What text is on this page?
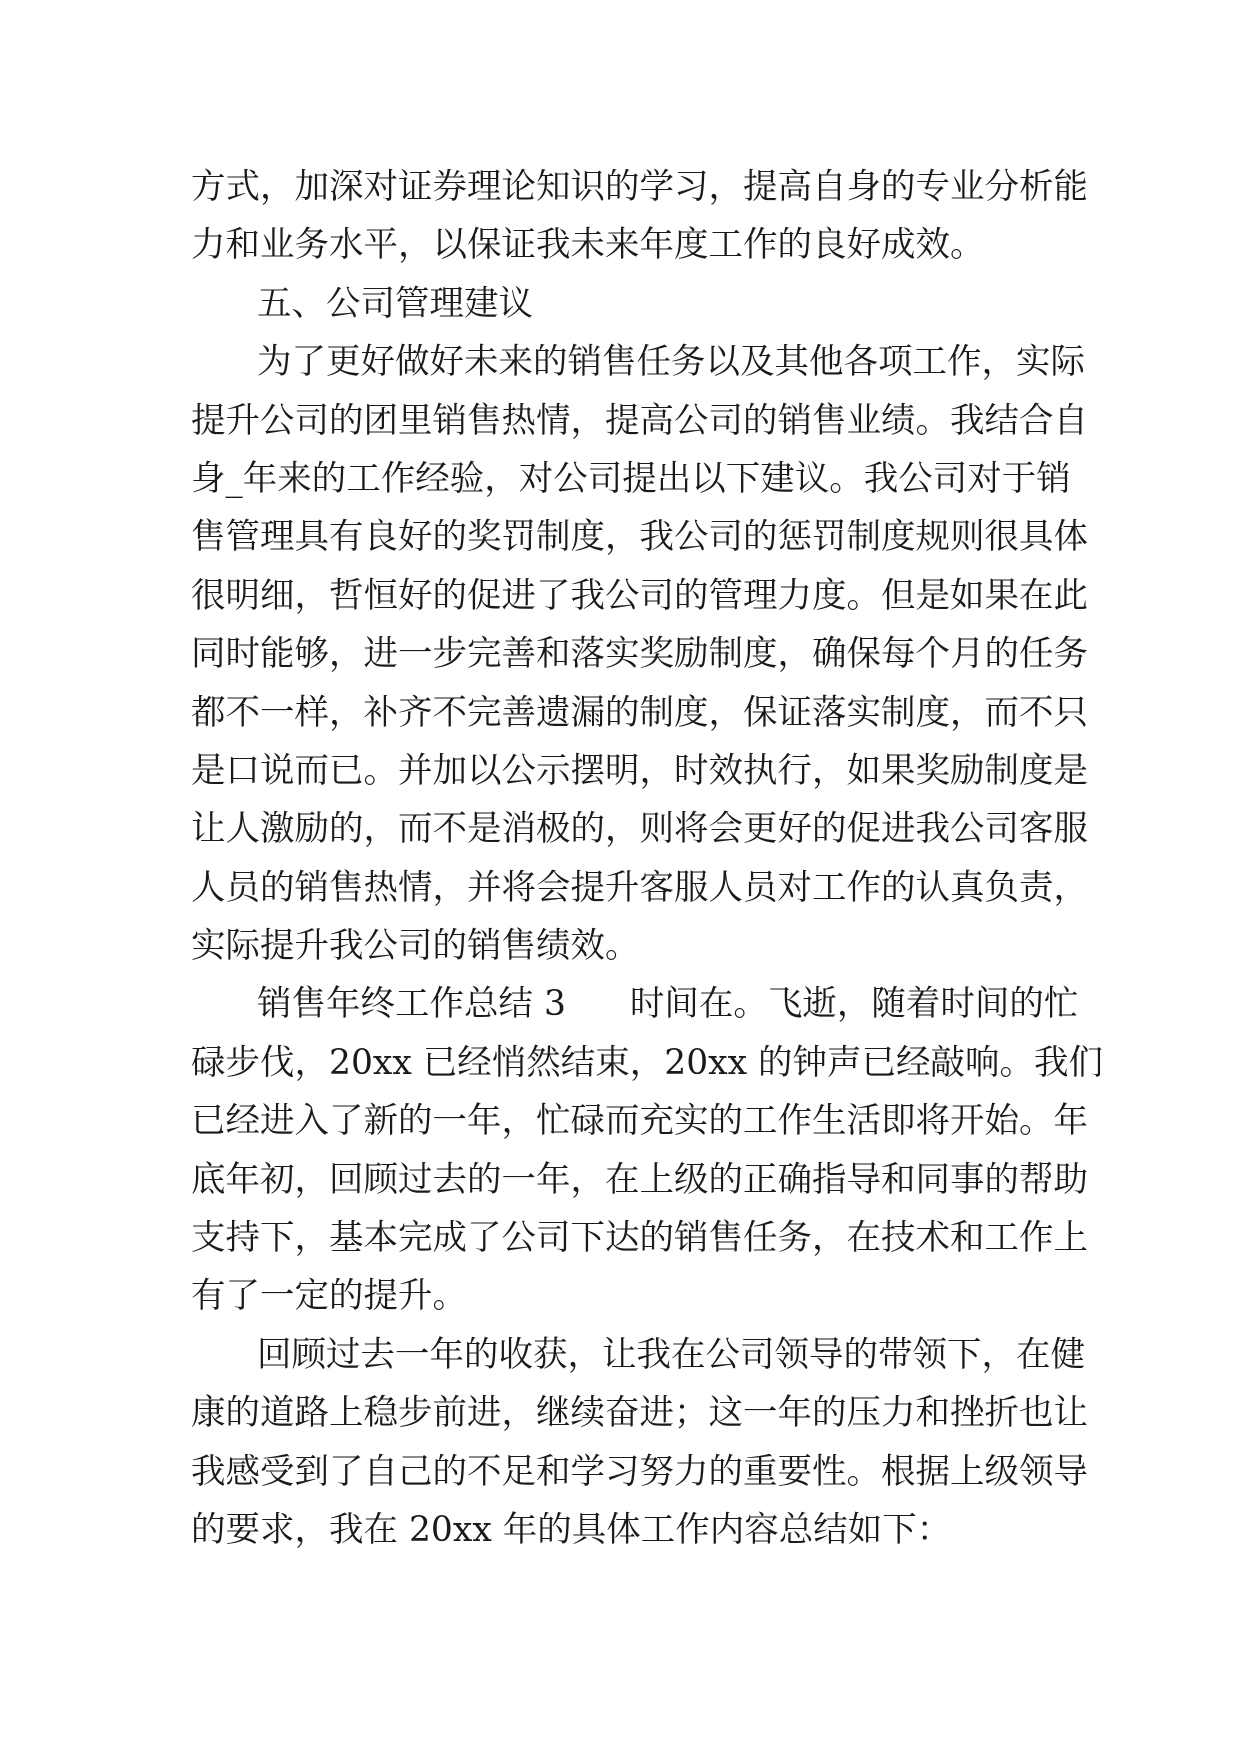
方式，加深对证券理论知识的学习，提高自身的专业分析能
力和业务水平，以保证我未来年度工作的良好成效。
五、公司管理建议
为了更好做好未来的销售任务以及其他各项工作，实际
提升公司的团里销售热情，提高公司的销售业绩。我结合自
身_年来的工作经验，对公司提出以下建议。我公司对于销
售管理具有良好的奖罚制度，我公司的惩罚制度规则很具体
很明细，哲恒好的促进了我公司的管理力度。但是如果在此
同时能够，进一步完善和落实奖励制度，确保每个月的任务
都不一样，补齐不完善遗漏的制度，保证落实制度，而不只
是口说而已。并加以公示摆明，时效执行，如果奖励制度是
让人激励的，而不是消极的，则将会更好的促进我公司客服
人员的销售热情，并将会提升客服人员对工作的认真负责，
实际提升我公司的销售绩效。
销售年终工作总结 3 时间在。飞逝，随着时间的忙
碌步伐，20xx 已经悄然结束，20xx 的钟声已经敲响。我们
已经进入了新的一年，忙碌而充实的工作生活即将开始。年
底年初，回顾过去的一年，在上级的正确指导和同事的帮助
支持下，基本完成了公司下达的销售任务，在技术和工作上
有了一定的提升。
回顾过去一年的收获，让我在公司领导的带领下，在健
康的道路上稳步前进，继续奋进；这一年的压力和挫折也让
我感受到了自己的不足和学习努力的重要性。根据上级领导
的要求，我在 20xx 年的具体工作内容总结如下：
